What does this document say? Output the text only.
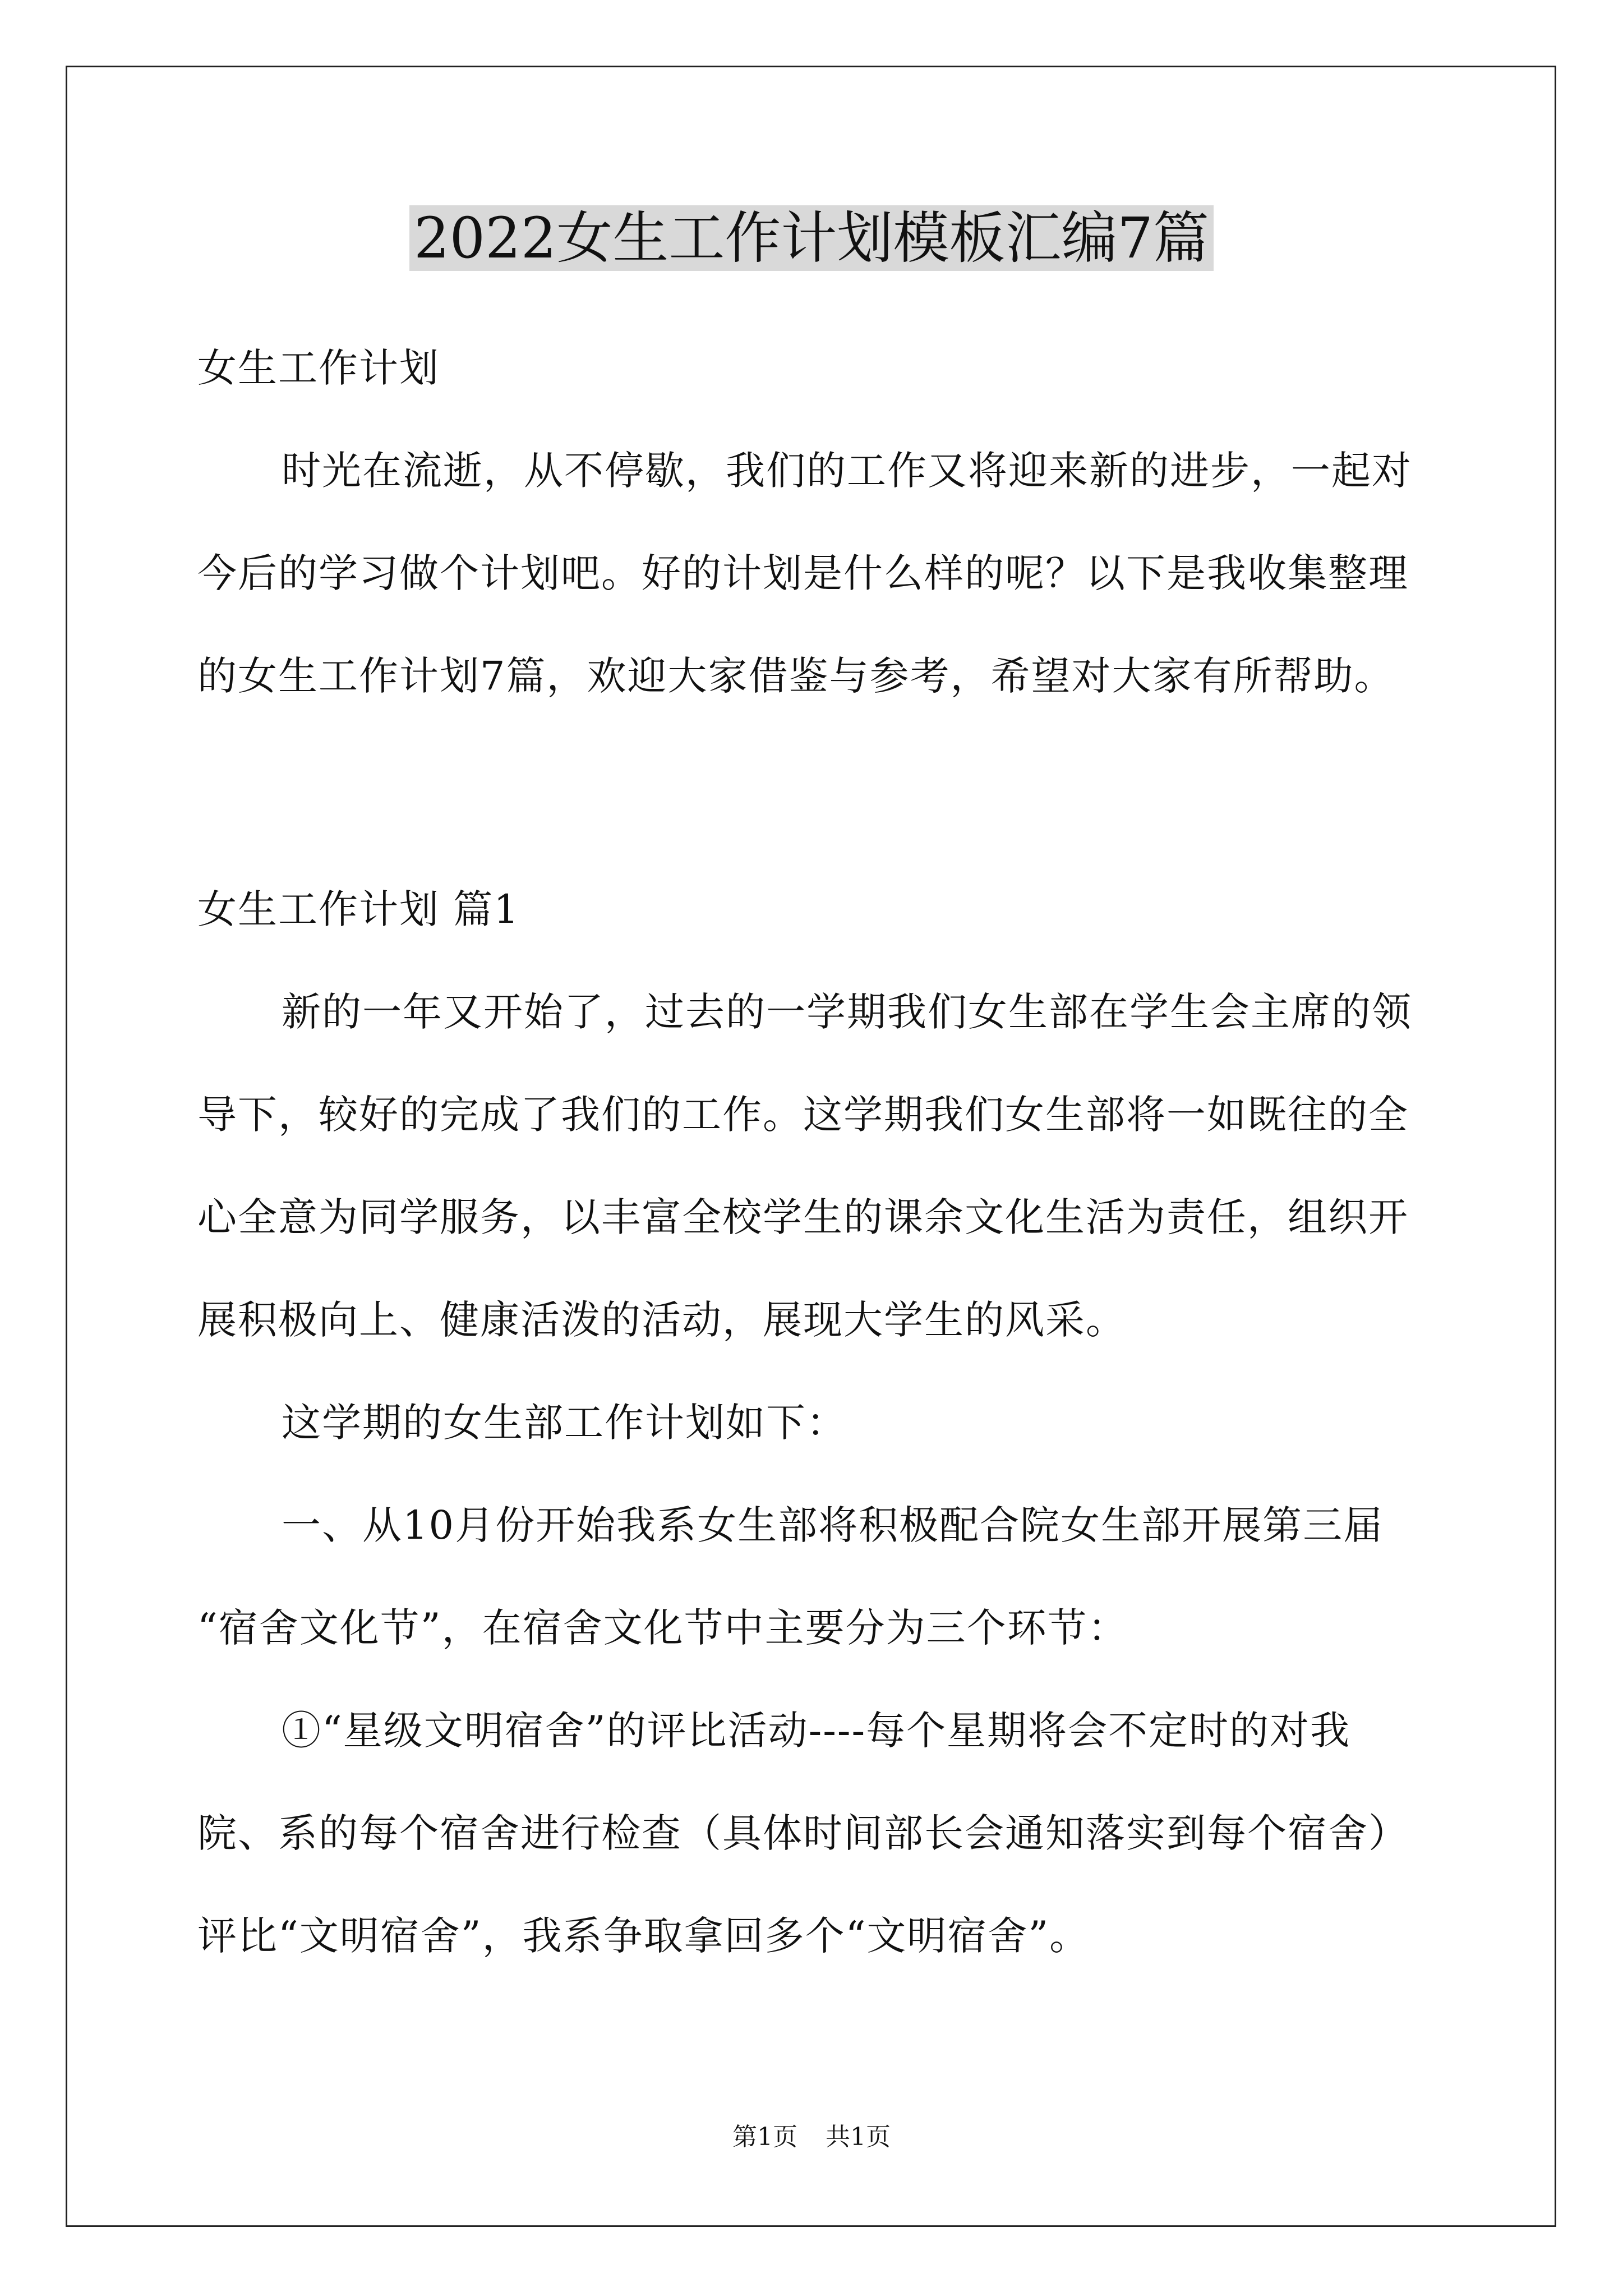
2022女生工作计划模板汇编7篇
女生工作计划
时光在流逝，从不停歇，我们的工作又将迎来新的进步，一起对
今后的学习做个计划吧。好的计划是什么样的呢？以下是我收集整理
的女生工作计划7篇，欢迎大家借鉴与参考，希望对大家有所帮助。
女生工作计划 篇1
新的一年又开始了，过去的一学期我们女生部在学生会主席的领
导下，较好的完成了我们的工作。这学期我们女生部将一如既往的全
心全意为同学服务，以丰富全校学生的课余文化生活为责任，组织开
展积极向上、健康活泼的活动，展现大学生的风采。
这学期的女生部工作计划如下：
一、从10月份开始我系女生部将积极配合院女生部开展第三届
“宿舍文化节”，在宿舍文化节中主要分为三个环节：
①“星级文明宿舍”的评比活动----每个星期将会不定时的对我
院、系的每个宿舍进行检查（具体时间部长会通知落实到每个宿舍）
评比“文明宿舍”，我系争取拿回多个“文明宿舍”。
第1页 共1页
